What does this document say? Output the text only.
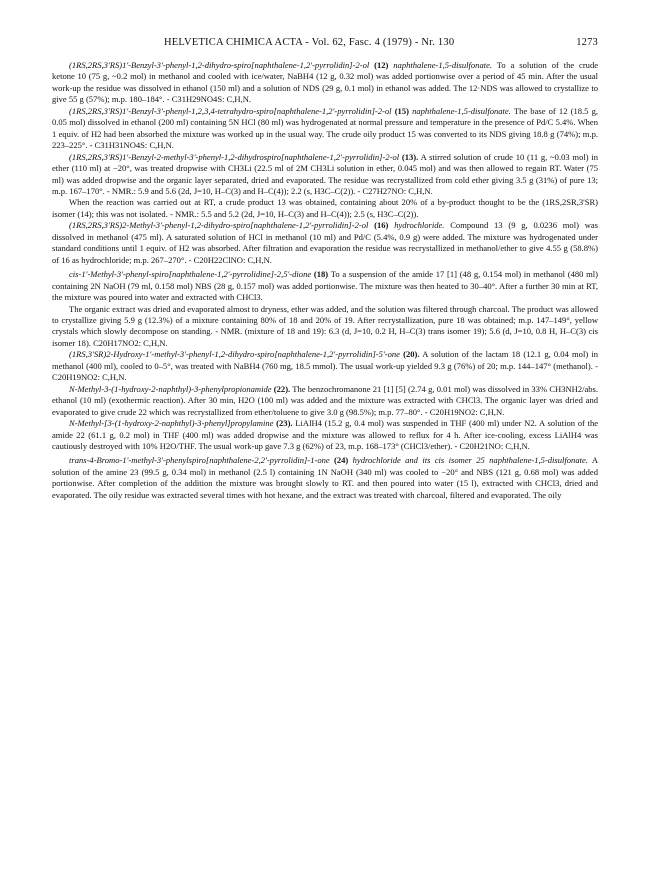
HELVETICA CHIMICA ACTA - Vol. 62, Fasc. 4 (1979) - Nr. 130	1273

(1RS,2RS,3'RS)1'-Benzyl-3'-phenyl-1,2-dihydro-spiro[naphthalene-1,2'-pyrrolidin]-2-ol (12) naphthalene-1,5-disulfonate. To a solution of the crude ketone 10 (75 g, ~0.2 mol) in methanol and cooled with ice/water, NaBH4 (12 g, 0.32 mol) was added portionwise over a period of 45 min. After the usual work-up the residue was dissolved in ethanol (150 ml) and a solution of NDS (29 g, 0.1 mol) in ethanol was added. The 12·NDS was allowed to crystallize to give 55 g (57%); m.p. 180–184°. - C31H29NO4S: C,H,N.

(1RS,2RS,3'RS)1'-Benzyl-3'-phenyl-1,2,3,4-tetrahydro-spiro[naphthalene-1,2'-pyrrolidin]-2-ol (15) naphthalene-1,5-disulfonate. The base of 12 (18.5 g, 0.05 mol) dissolved in ethanol (200 ml) containing 5N HCl (80 ml) was hydrogenated at normal pressure and temperature in the presence of Pd/C 5.4%. When 1 equiv. of H2 had been absorbed the mixture was worked up in the usual way. The crude oily product 15 was converted to its NDS giving 18.8 g (74%); m.p. 223–225°. - C31H31NO4S: C,H,N.

(1RS,2RS,3'RS)1'-Benzyl-2-methyl-3'-phenyl-1,2-dihydrospiro[naphthalene-1,2'-pyrrolidin]-2-ol (13). A stirred solution of crude 10 (11 g, ~0.03 mol) in ether (110 ml) at −20°, was treated dropwise with CH3Li (22.5 ml of 2M CH3Li solution in ether, 0.045 mol) and was then allowed to regain RT. Water (75 ml) was added dropwise and the organic layer separated, dried and evaporated. The residue was recrystallized from cold ether giving 3.5 g (31%) of pure 13; m.p. 167–170°. - NMR.: 5.9 and 5.6 (2d, J=10, H–C(3) and H–C(4)); 2.2 (s, H3C–C(2)). - C27H27NO: C,H,N.

When the reaction was carried out at RT, a crude product 13 was obtained, containing about 20% of a by-product thought to be the (1RS,2SR,3'SR) isomer (14); this was not isolated. - NMR.: 5.5 and 5.2 (2d, J=10, H–C(3) and H–C(4)); 2.5 (s, H3C–C(2)).

(1RS,2RS,3'RS)2-Methyl-3'-phenyl-1,2-dihydro-spiro[naphthalene-1,2'-pyrrolidin]-2-ol (16) hydrochloride. Compound 13 (9 g, 0.0236 mol) was dissolved in methanol (475 ml). A saturated solution of HCl in methanol (10 ml) and Pd/C (5.4%, 0.9 g) were added. The mixture was hydrogenated under standard conditions until 1 equiv. of H2 was absorbed. After filtration and evaporation the residue was recrystallized in methanol/ether to give 4.55 g (58.8%) of 16 as hydrochloride; m.p. 267–270°. - C20H22ClNO: C,H,N.

cis-1'-Methyl-3'-phenyl-spiro[naphthalene-1,2'-pyrrolidine]-2,5'-dione (18) To a suspension of the amide 17 [1] (48 g, 0.154 mol) in methanol (480 ml) containing 2N NaOH (79 ml, 0.158 mol) NBS (28 g, 0.157 mol) was added portionwise. The mixture was then heated to 30–40°. After a further 30 min at RT, the mixture was poured into water and extracted with CHCl3.

The organic extract was dried and evaporated almost to dryness, ether was added, and the solution was filtered through charcoal. The product was allowed to crystallize giving 5.9 g (12.3%) of a mixture containing 80% of 18 and 20% of 19. After recrystallization, pure 18 was obtained; m.p. 147–149°, yellow crystals which slowly decompose on standing. - NMR. (mixture of 18 and 19): 6.3 (d, J=10, 0.2 H, H–C(3) trans isomer 19); 5.6 (d, J=10, 0.8 H, H–C(3) cis isomer 18). C20H17NO2: C,H,N.

(1RS,3'SR)2-Hydroxy-1'-methyl-3'-phenyl-1,2-dihydro-spiro[naphthalene-1,2'-pyrrolidin]-5'-one (20). A solution of the lactam 18 (12.1 g, 0.04 mol) in methanol (400 ml), cooled to 0–5°, was treated with NaBH4 (760 mg, 18.5 mmol). The usual work-up yielded 9.3 g (76%) of 20; m.p. 144–147° (methanol). - C20H19NO2: C,H,N.

N-Methyl-3-(1-hydroxy-2-naphthyl)-3-phenylpropionamide (22). The benzochromanone 21 [1] [5] (2.74 g, 0.01 mol) was dissolved in 33% CH3NH2/abs. ethanol (10 ml) (exothermic reaction). After 30 min, H2O (100 ml) was added and the mixture was extracted with CHCl3. The organic layer was dried and evaporated to give crude 22 which was recrystallized from ether/toluene to give 3.0 g (98.5%); m.p. 77–80°. - C20H19NO2: C,H,N.

N-Methyl-[3-(1-hydroxy-2-naphthyl)-3-phenyl]propylamine (23). LiAlH4 (15.2 g, 0.4 mol) was suspended in THF (400 ml) under N2. A solution of the amide 22 (61.1 g, 0.2 mol) in THF (400 ml) was added dropwise and the mixture was allowed to reflux for 4 h. After ice-cooling, excess LiAlH4 was cautiously destroyed with 10% H2O/THF. The usual work-up gave 7.3 g (62%) of 23, m.p. 168–173° (CHCl3/ether). - C20H21NO: C,H,N.

trans-4-Bromo-1'-methyl-3'-phenylspiro[naphthalene-2,2'-pyrrolidin]-1-one (24) hydrochloride and its cis isomer 25 naphthalene-1,5-disulfonate. A solution of the amine 23 (99.5 g, 0.34 mol) in methanol (2.5 l) containing 1N NaOH (340 ml) was cooled to −20° and NBS (121 g, 0.68 mol) was added portionwise. After completion of the addition the mixture was brought slowly to RT. and then poured into water (15 l), extracted with CHCl3, dried and evaporated. The oily residue was extracted several times with hot hexane, and the extract was treated with charcoal, filtered and evaporated. The oily
